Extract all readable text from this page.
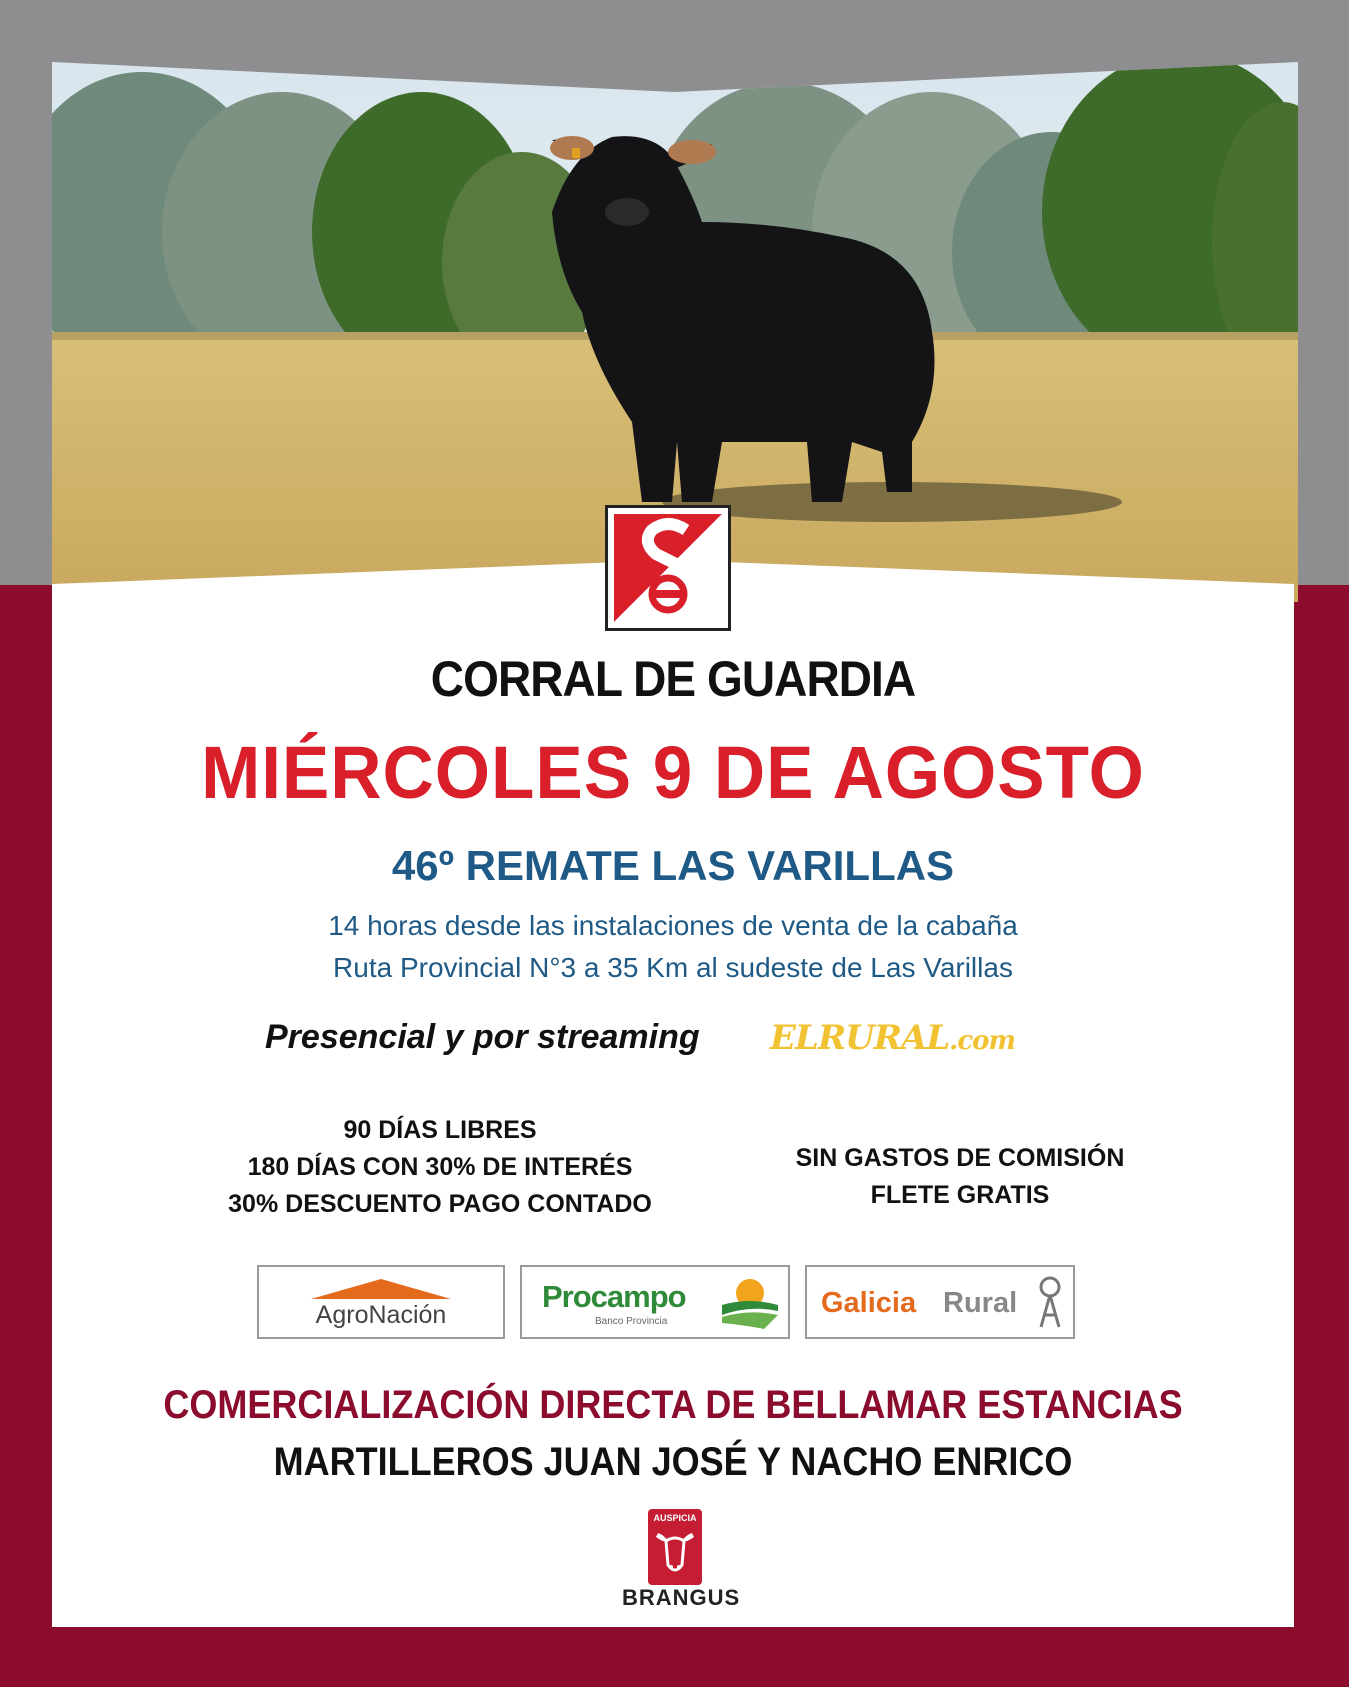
CORRAL DE GUARDIA

MIÉRCOLES 9 DE AGOSTO

46º REMATE LAS VARILLAS

14 horas desde las instalaciones de venta de la cabaña

Ruta Provincial N°3 a 35 Km al sudeste de Las Varillas

Presencial y por streaming ELRURAL.com
90 DÍAS LIBRES
180 DÍAS CON 30% DE INTERÉS
30% DESCUENTO PAGO CONTADO
SIN GASTOS DE COMISIÓN
FLETE GRATIS
AgroNación
Procampo
Banco Provincia
Galicia Rural

COMERCIALIZACIÓN DIRECTA DE BELLAMAR ESTANCIAS

MARTILLEROS JUAN JOSÉ Y NACHO ENRICO

AUSPICIA
BRANGUS
